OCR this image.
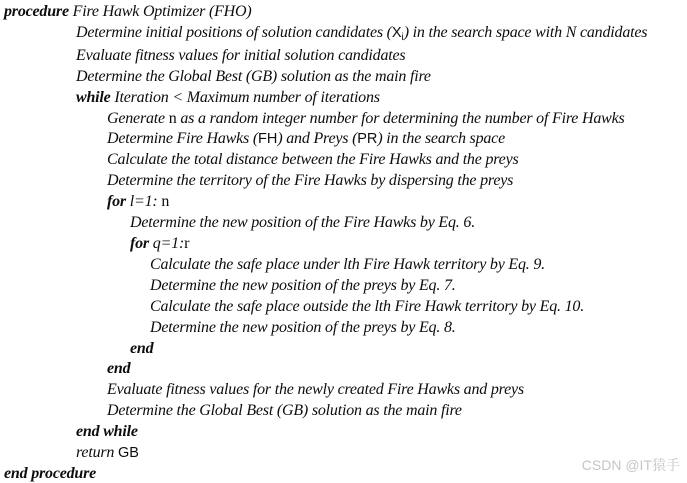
procedure Fire Hawk Optimizer (FHO)
Determine initial positions of solution candidates (Xi) in the search space with N candidates
Evaluate fitness values for initial solution candidates
Determine the Global Best (GB) solution as the main fire
while Iteration < Maximum number of iterations
Generate n as a random integer number for determining the number of Fire Hawks
Determine Fire Hawks (FH) and Preys (PR) in the search space
Calculate the total distance between the Fire Hawks and the preys
Determine the territory of the Fire Hawks by dispersing the preys
for l=1: n
Determine the new position of the Fire Hawks by Eq. 6.
for q=1:r
Calculate the safe place under lth Fire Hawk territory by Eq. 9.
Determine the new position of the preys by Eq. 7.
Calculate the safe place outside the lth Fire Hawk territory by Eq. 10.
Determine the new position of the preys by Eq. 8.
end
end
Evaluate fitness values for the newly created Fire Hawks and preys
Determine the Global Best (GB) solution as the main fire
end while
return GB
end procedure	CSDN @IT猿手
